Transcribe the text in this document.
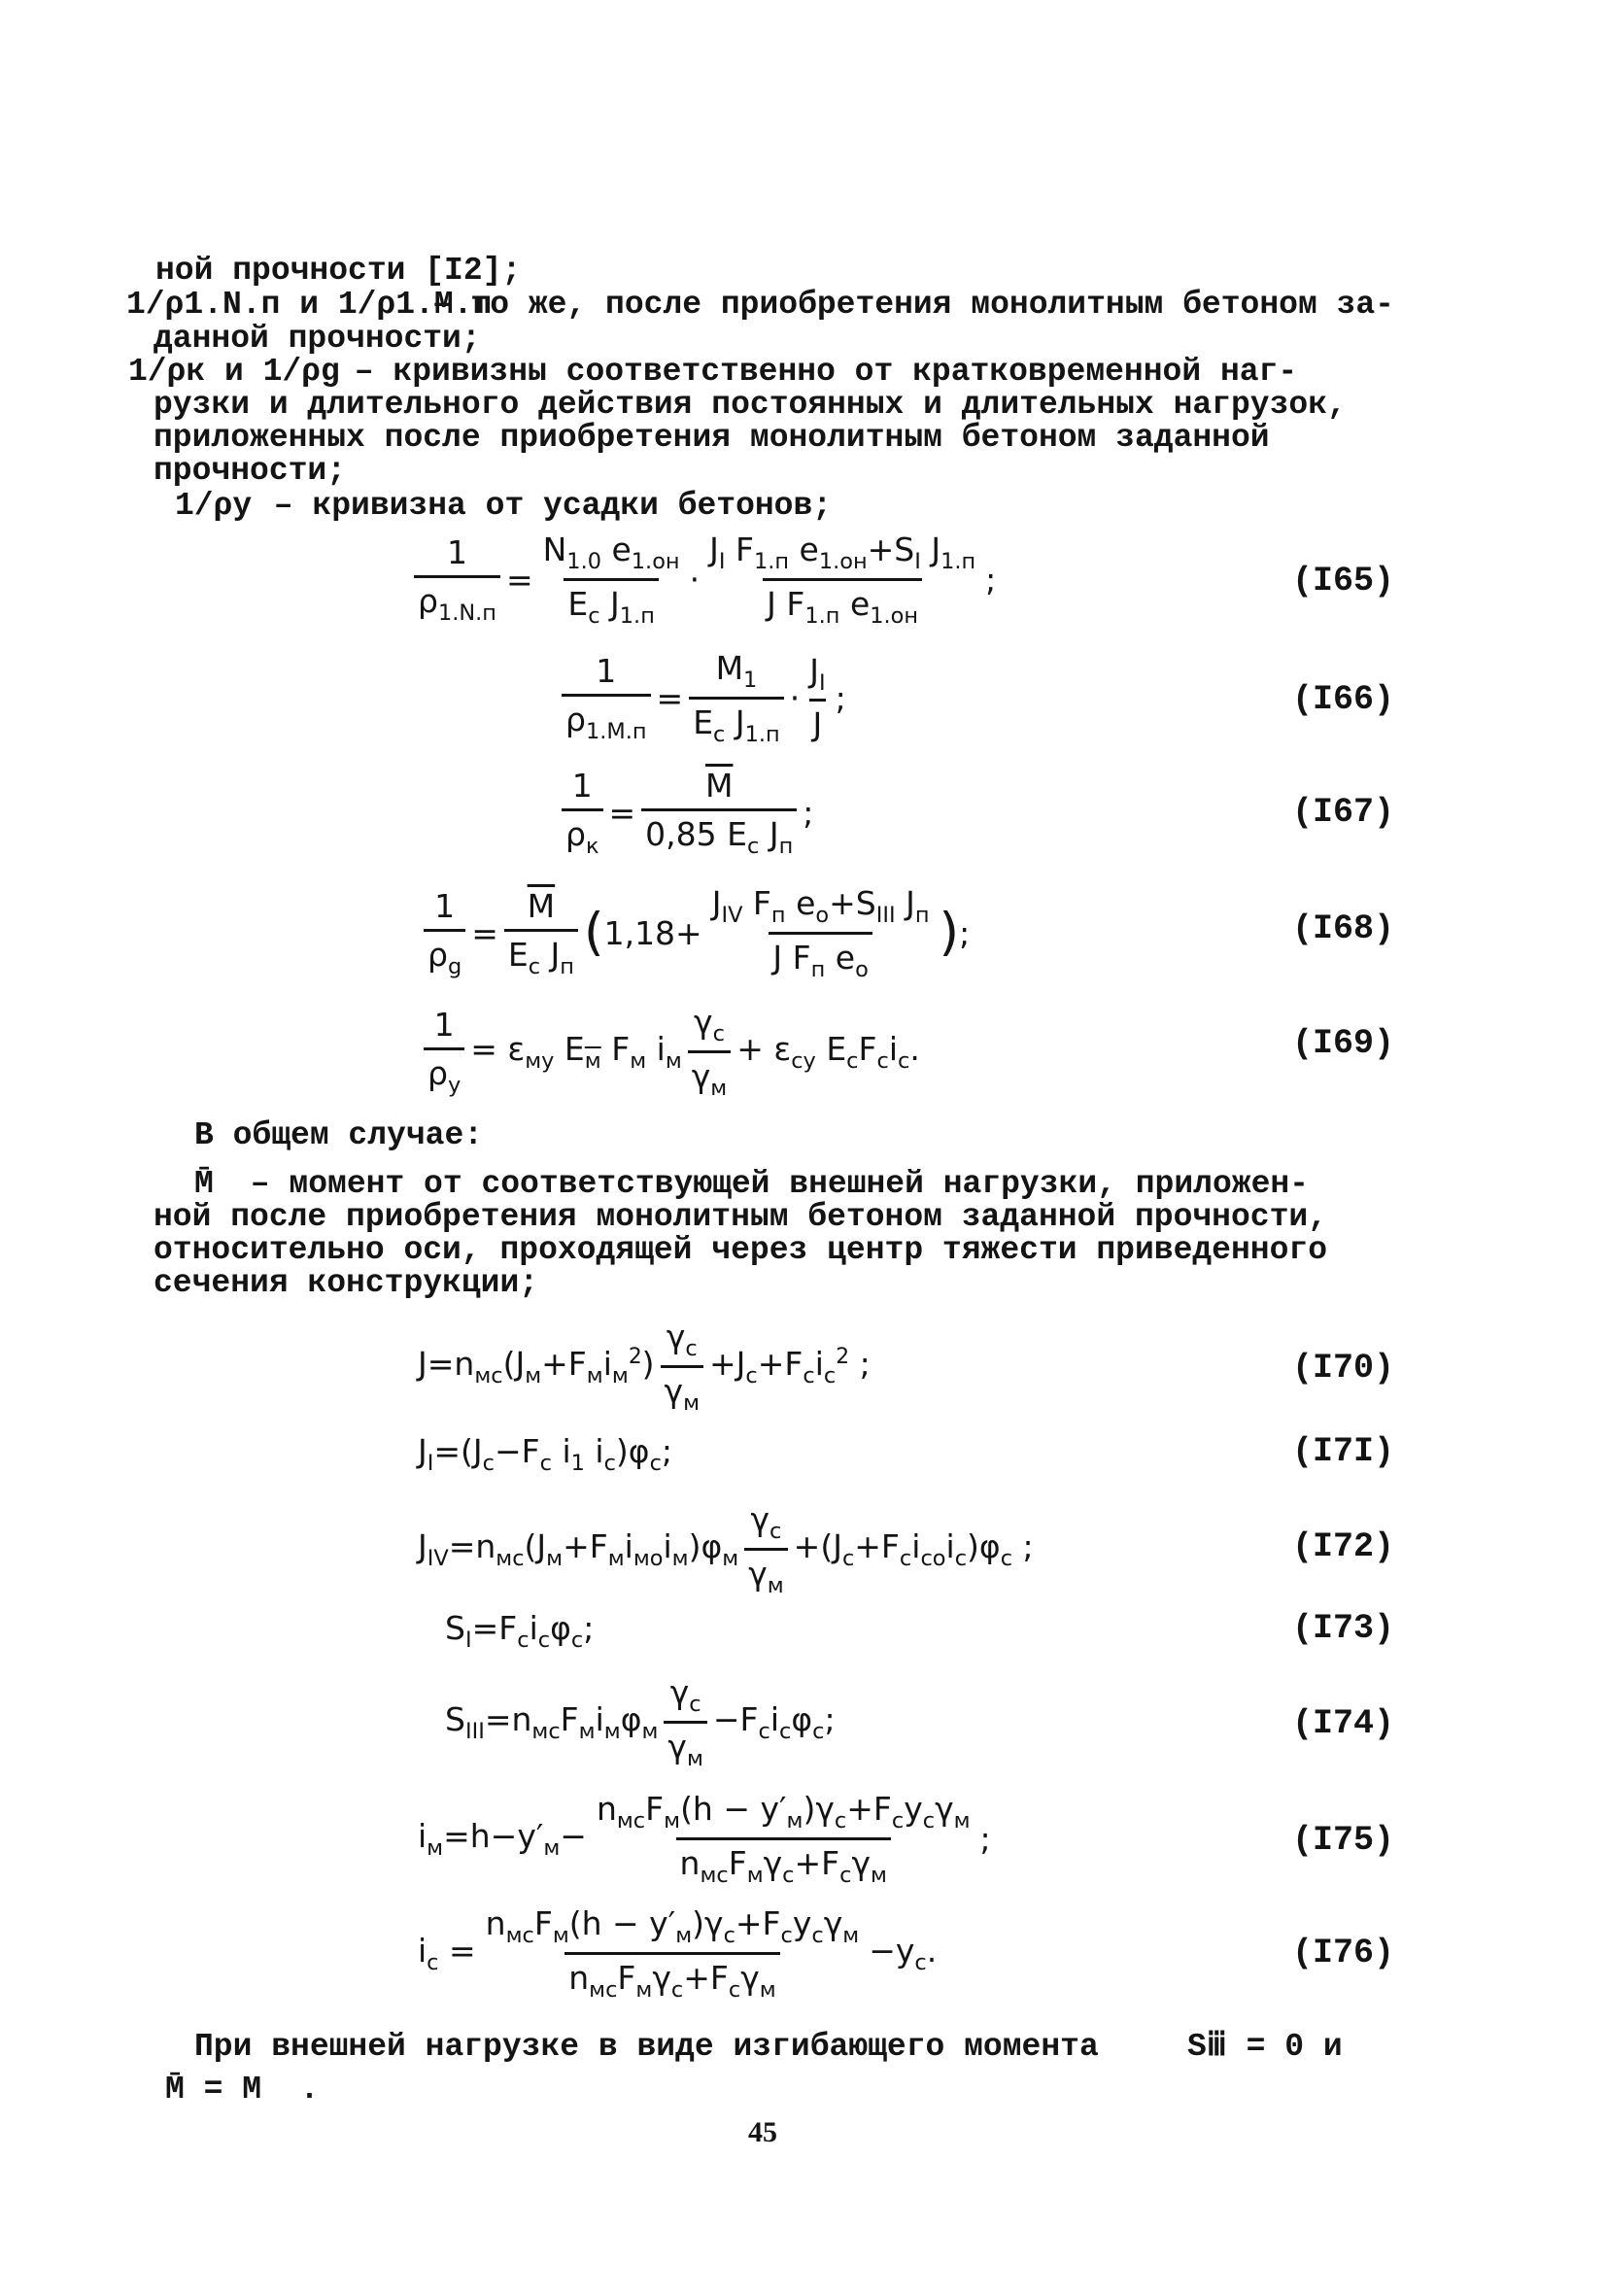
ной прочности [I2];
1/ρ1.N.п и 1/ρ1.M.п
– то же, после приобретения монолитным бетоном за-
данной прочности;
1/ρк и 1/ρg
– кривизны соответственно от кратковременной наг-
рузки и длительного действия постоянных и длительных нагрузок,
приложенных после приобретения монолитным бетоном заданной
прочности;
1/ρу – кривизна от усадки бетонов;
$\frac{1}{\rho_{1.N.п}} = \frac{N_{1.0} e_{1.он}}{E_c J_{1.п}} \cdot \frac{J_I F_{1.п} e_{1.он}+S_I J_{1.п}}{J F_{1.п} e_{1.он}}$ ;	(I65)
$\frac{1}{\rho_{1.M.п}} = \frac{M_1}{E_c J_{1.п}} \cdot \frac{J_I}{J}$ ;	(I66)
$\frac{1}{\rho_к} = \frac{\overline{M}}{0,85 E_c J_п}$ ;	(I67)
$\frac{1}{\rho_g} = \frac{\overline{M}}{E_c J_п}$ ( $1,18+ \frac{J_{IV} F_п e_o+S_{III} J_п}{J F_п e_o}$ ) ;	(I68)
$\frac{1}{\rho_у} = \varepsilon_{му}$ $E_м$ $F_м$ $i_м \frac{\gamma_c}{\gamma_м} + \varepsilon_{cу}$ $E_cF_ci_c$.	(I69)
В общем случае:
M̄ – момент от соответствующей внешней нагрузки, приложен-
ной после приобретения монолитным бетоном заданной прочности,
относительно оси, проходящей через центр тяжести приведенного
сечения конструкции;
$J=n_{мc}(J_м+F_мi_м^2) \frac{\gamma_c}{\gamma_м} +J_c+F_ci_c^2$ ;	(I70)
$J_I=(J_c-F_c$ $i_1$ $i_c)\varphi_c$;	(I7I)
$J_{IV}=n_{мc}(J_м+F_мi_{мo}i_м)\varphi_м \frac{\gamma_c}{\gamma_м} +(J_c+F_ci_{co}i_c)\varphi_c$ ;	(I72)
$S_I=F_ci_c\varphi_c$;	(I73)
$S_{III}=n_{мc}F_мi_м\varphi_м \frac{\gamma_c}{\gamma_м} -F_ci_c\varphi_c$;	(I74)
$i_м=h-y'_м- \frac{n_{мc}F_м(h - y'_м)\gamma_c+F_cy_c\gamma_м}{n_{мc}F_м\gamma_c+F_c\gamma_м}$ ;	(I75)
$i_c = \frac{n_{мc}F_м(h - y'_м)\gamma_c+F_cy_c\gamma_м}{n_{мc}F_м\gamma_c+F_c\gamma_м} -y_c$.	(I76)
При внешней нагрузке в виде изгибающего момента	Sⅲ = 0 и
M̄ = M  .
45
